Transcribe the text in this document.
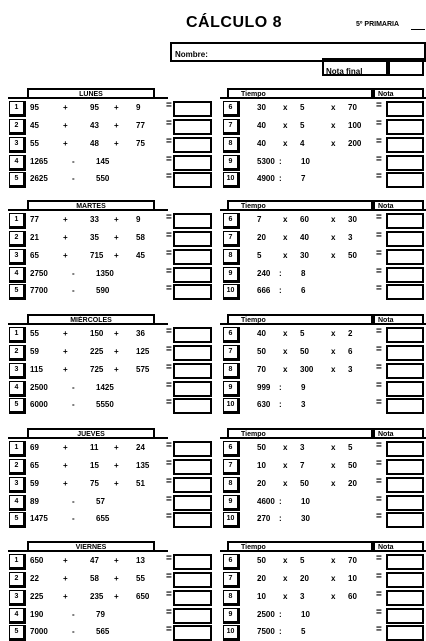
CÁLCULO 8	5º PRIMARIA
Nombre:
Nota final
LUNES	Tiempo	Nota
1	95	+	95 + 9	=
2	45	+	43 + 77 =
3	55	+	48 + 75 =
4	1265	-	145	=
5	2625	-	550	=
6	30 x 5	x 70 =
7	40 x 5	x 100 =
8	40 x 4	x 200 =
9	5300 : 10	=
10	4900 : 7	=
MARTES	Tiempo	Nota
1	77	+	33 + 9	=
2	21	+	35 + 58 =
3	65	+	715 + 45 =
4	2750	-	1350	=
5	7700	-	590	=
6	7	x 60	x 30 =
7	20 x 40	x 3 =
8	5	x 30	x 50 =
9	240 : 8	=
10	666 : 6	=
MIÉRCOLES	Tiempo	Nota
1	55	+	150 + 36 =
2	59	+	225 + 125 =
3	115	+	725 + 575 =
4	2500	-	1425	=
5	6000	-	5550	=
6	40 x 5	x 2 =
7	50 x 50	x 6 =
8	70 x 300 x 3 =
9	999 : 9	=
10	630 : 3	=
JUEVES	Tiempo	Nota
1	69	+	11 + 24 =
2	65	+	15 + 135 =
3	59	+	75 + 51 =
4	89	-	57	=
5	1475	-	655	=
6	50 x 3	x 5 =
7	10 x 7	x 50 =
8	20 x 50	x 20 =
9	4600 : 10	=
10	270 : 30	=
VIERNES	Tiempo	Nota
1	650 +	47 + 13 =
2	22	+	58 + 55 =
3	225 +	235 + 650 =
4	190	-	79	=
5	7000	-	565	=
6	50 x 5	x 70 =
7	20 x 20	x 10 =
8	10 x 3	x 60 =
9	2500 : 10	=
10	7500 : 5	=
